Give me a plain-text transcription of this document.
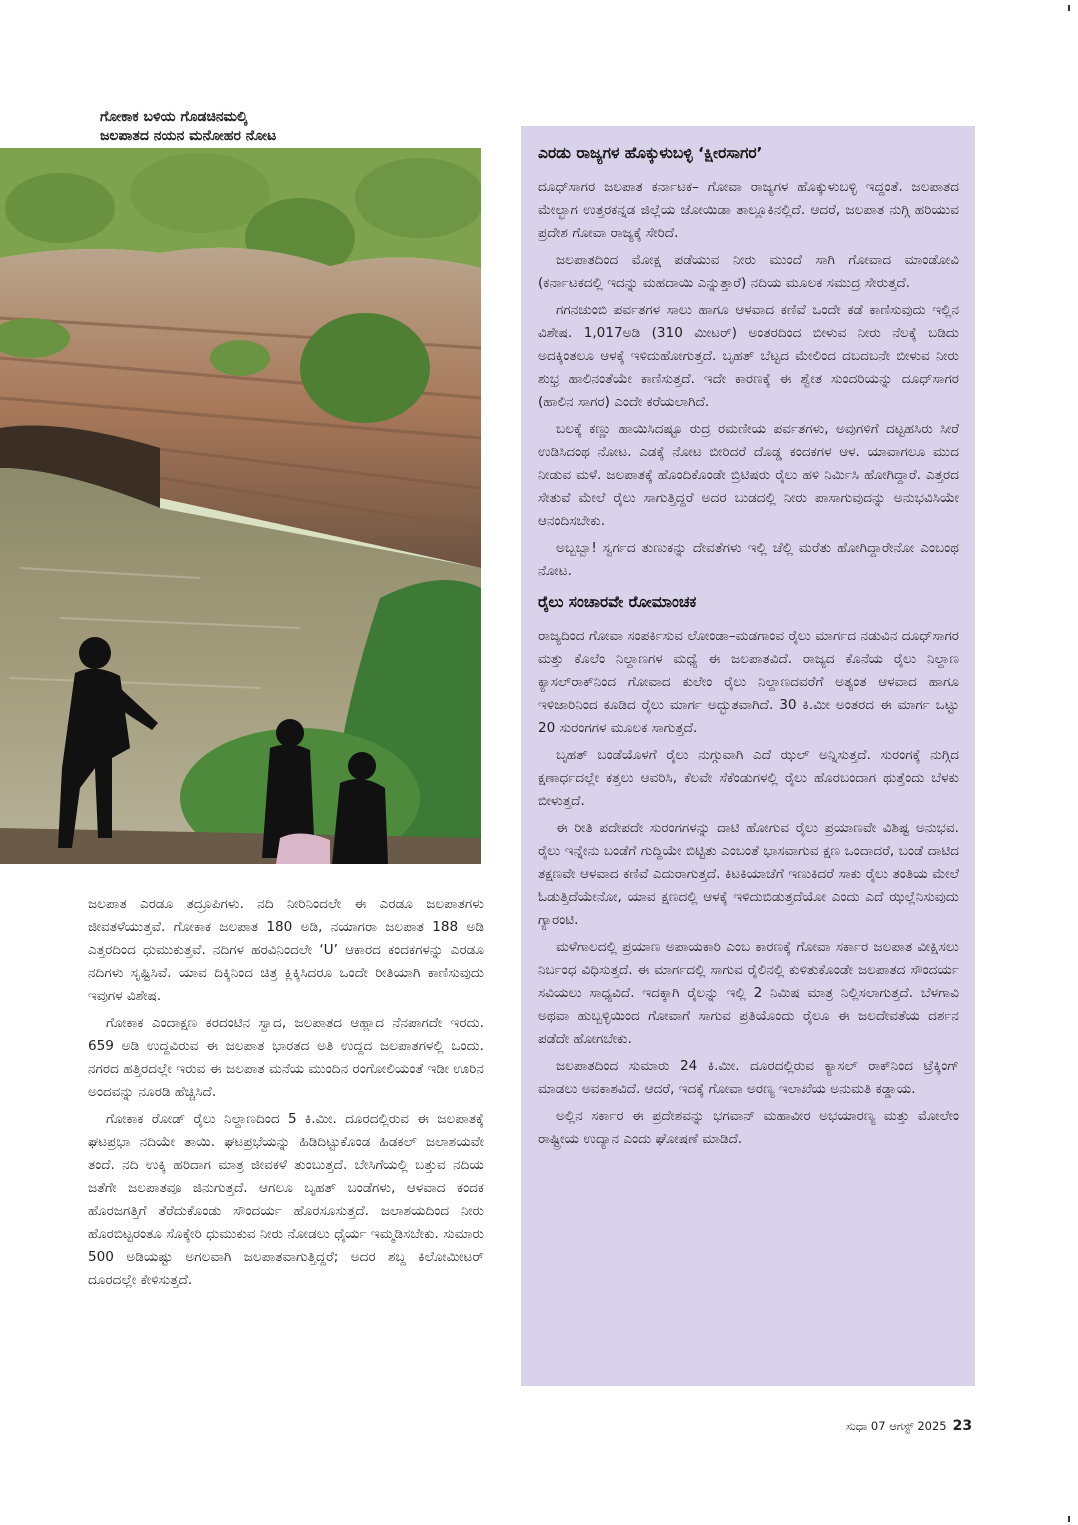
ಗೋಕಾಕ ಬಳಿಯ ಗೊಡಚಿನಮಲ್ಕಿ
ಜಲಪಾತದ ನಯನ ಮನೋಹರ ನೋಟ

ಜಲಪಾತ ಎರಡೂ ತದ್ರೂಪಿಗಳು. ನದಿ ನೀರಿನಿಂದಲೇ ಈ ಎರಡೂ ಜಲಪಾತಗಳು ಜೀವತಳೆಯುತ್ತವೆ. ಗೋಕಾಕ ಜಲಪಾತ 180 ಅಡಿ, ನಯಾಗರಾ ಜಲಪಾತ 188 ಅಡಿ ಎತ್ತರದಿಂದ ಧುಮುಕುತ್ತವೆ. ನದಿಗಳ ಹರವಿನಿಂದಲೇ ‘U’ ಆಕಾರದ ಕಂದಕಗಳನ್ನು ಎರಡೂ ನದಿಗಳು ಸೃಷ್ಟಿಸಿವೆ. ಯಾವ ದಿಕ್ಕಿನಿಂದ ಚಿತ್ರ ಕ್ಲಿಕ್ಕಿಸಿದರೂ ಒಂದೇ ರೀತಿಯಾಗಿ ಕಾಣಿಸುವುದು ಇವುಗಳ ವಿಶೇಷ.

ಗೋಕಾಕ ಎಂದಾಕ್ಷಣ ಕರದಂಟಿನ ಸ್ವಾದ, ಜಲಪಾತದ ಆಹ್ಲಾದ ನೆನಪಾಗದೇ ಇರದು. 659 ಅಡಿ ಉದ್ದವಿರುವ ಈ ಜಲಪಾತ ಭಾರತದ ಅತಿ ಉದ್ದದ ಜಲಪಾತಗಳಲ್ಲಿ ಒಂದು. ನಗರದ ಹತ್ತಿರದಲ್ಲೇ ಇರುವ ಈ ಜಲಪಾತ ಮನೆಯ ಮುಂದಿನ ರಂಗೋಲಿಯಂತೆ ಇಡೀ ಊರಿನ ಅಂದವನ್ನು ನೂರಡಿ ಹೆಚ್ಚಿಸಿದೆ.

ಗೋಕಾಕ ರೋಡ್ ರೈಲು ನಿಲ್ದಾಣದಿಂದ 5 ಕಿ.ಮೀ. ದೂರದಲ್ಲಿರುವ ಈ ಜಲಪಾತಕ್ಕೆ ಘಟಪ್ರಭಾ ನದಿಯೇ ತಾಯಿ. ಘಟಪ್ರಭೆಯನ್ನು ಹಿಡಿದಿಟ್ಟುಕೊಂಡ ಹಿಡಕಲ್ ಜಲಾಶಯವೇ ತಂದೆ. ನದಿ ಉಕ್ಕಿ ಹರಿದಾಗ ಮಾತ್ರ ಜೀವಕಳೆ ತುಂಬುತ್ತದೆ. ಬೇಸಿಗೆಯಲ್ಲಿ ಬತ್ತುವ ನದಿಯ ಜತೆಗೇ ಜಲಪಾತವೂ ಜಿನುಗುತ್ತದೆ. ಆಗಲೂ ಬೃಹತ್ ಬಂಡೆಗಳು, ಆಳವಾದ ಕಂದಕ ಹೊರಜಗತ್ತಿಗೆ ತೆರೆದುಕೊಂಡು ಸೌಂದರ್ಯ ಹೊರಸೂಸುತ್ತದೆ. ಜಲಾಶಯದಿಂದ ನೀರು ಹೊರಬಿಟ್ಟರಂತೂ ಸೊಕ್ಕೇರಿ ಧುಮುಕುವ ನೀರು ನೋಡಲು ಧೈರ್ಯ ಇಮ್ಮಡಿಸಬೇಕು. ಸುಮಾರು 500 ಅಡಿಯಷ್ಟು ಅಗಲವಾಗಿ ಜಲಪಾತವಾಗುತ್ತಿದ್ದರೆ; ಅದರ ಶಬ್ದ ಕಿಲೋಮೀಟರ್ ದೂರದಲ್ಲೇ ಕೇಳಿಸುತ್ತದೆ.

ಎರಡು ರಾಜ್ಯಗಳ ಹೊಕ್ಕುಳುಬಳ್ಳಿ ‘ಕ್ಷೀರಸಾಗರ’

ದೂಧ್‌ಸಾಗರ ಜಲಪಾತ ಕರ್ನಾಟಕ– ಗೋವಾ ರಾಜ್ಯಗಳ ಹೊಕ್ಕುಳುಬಳ್ಳಿ ಇದ್ದಂತೆ. ಜಲಪಾತದ ಮೇಲ್ಭಾಗ ಉತ್ತರಕನ್ನಡ ಜಿಲ್ಲೆಯ ಜೋಯಿಡಾ ತಾಲ್ಲೂಕಿನಲ್ಲಿದೆ. ಆದರೆ, ಜಲಪಾತ ನುಗ್ಗಿ ಹರಿಯುವ ಪ್ರದೇಶ ಗೋವಾ ರಾಜ್ಯಕ್ಕೆ ಸೇರಿದೆ.

ಜಲಪಾತದಿಂದ ಮೋಕ್ಷ ಪಡೆಯುವ ನೀರು ಮುಂದೆ ಸಾಗಿ ಗೋವಾದ ಮಾಂಡೋವಿ (ಕರ್ನಾಟಕದಲ್ಲಿ ಇದನ್ನು ಮಹದಾಯಿ ಎನ್ನುತ್ತಾರೆ) ನದಿಯ ಮೂಲಕ ಸಮುದ್ರ ಸೇರುತ್ತದೆ.

ಗಗನಚುಂಬಿ ಪರ್ವತಗಳ ಸಾಲು ಹಾಗೂ ಆಳವಾದ ಕಣಿವೆ ಒಂದೇ ಕಡೆ ಕಾಣಿಸುವುದು ಇಲ್ಲಿನ ವಿಶೇಷ. 1,017ಅಡಿ (310 ಮೀಟರ್) ಅಂತರದಿಂದ ಬೀಳುವ ನೀರು ನೆಲಕ್ಕೆ ಬಡಿದು ಅದಕ್ಕಿಂತಲೂ ಆಳಕ್ಕೆ ಇಳಿದುಹೋಗುತ್ತದೆ. ಬೃಹತ್ ಬೆಟ್ಟದ ಮೇಲಿಂದ ದಬದಬನೇ ಬೀಳುವ ನೀರು ಶುಭ್ರ ಹಾಲಿನಂತೆಯೇ ಕಾಣಿಸುತ್ತದೆ. ಇದೇ ಕಾರಣಕ್ಕೆ ಈ ಶ್ವೇತ ಸುಂದರಿಯನ್ನು ದೂಧ್‌ಸಾಗರ (ಹಾಲಿನ ಸಾಗರ) ಎಂದೇ ಕರೆಯಲಾಗಿದೆ.

ಬಲಕ್ಕೆ ಕಣ್ಣು ಹಾಯಿಸಿದಷ್ಟೂ ರುದ್ರ ರಮಣೀಯ ಪರ್ವತಗಳು, ಅವುಗಳಿಗೆ ದಟ್ಟಹಸಿರು ಸೀರೆ ಉಡಿಸಿದಂಥ ನೋಟ. ಎಡಕ್ಕೆ ನೋಟ ಬೀರಿದರೆ ದೊಡ್ಡ ಕಂದಕಗಳ ಆಳ. ಯಾವಾಗಲೂ ಮುದ ನೀಡುವ ಮಳೆ. ಜಲಪಾತಕ್ಕೆ ಹೊಂದಿಕೊಂಡೇ ಬ್ರಿಟಿಷರು ರೈಲು ಹಳಿ ನಿರ್ಮಿಸಿ ಹೋಗಿದ್ದಾರೆ. ಎತ್ತರದ ಸೇತುವೆ ಮೇಲೆ ರೈಲು ಸಾಗುತ್ತಿದ್ದರೆ ಅದರ ಬುಡದಲ್ಲಿ ನೀರು ಪಾಸಾಗುವುದನ್ನು ಅನುಭವಿಸಿಯೇ ಆನಂದಿಸಬೇಕು.

ಅಬ್ಬಬ್ಬಾ! ಸ್ವರ್ಗದ ತುಣುಕನ್ನು ದೇವತೆಗಳು ಇಲ್ಲಿ ಚೆಲ್ಲಿ ಮರೆತು ಹೋಗಿದ್ದಾರೇನೋ ಎಂಬಂಥ ನೋಟ.

ರೈಲು ಸಂಚಾರವೇ ರೋಮಾಂಚಕ

ರಾಜ್ಯದಿಂದ ಗೋವಾ ಸಂಪರ್ಕಿಸುವ ಲೋಂಡಾ–ಮಡಗಾಂವ ರೈಲು ಮಾರ್ಗದ ನಡುವಿನ ದೂಧ್‌ಸಾಗರ ಮತ್ತು ಕೊಲೆಂ ನಿಲ್ದಾಣಗಳ ಮಧ್ಯೆ ಈ ಜಲಪಾತವಿದೆ. ರಾಜ್ಯದ ಕೊನೆಯ ರೈಲು ನಿಲ್ದಾಣ ಕ್ಯಾಸಲ್‌ರಾಕ್‌ನಿಂದ ಗೋವಾದ ಕುಲೇಂ ರೈಲು ನಿಲ್ದಾಣದವರೆಗೆ ಅತ್ಯಂತ ಆಳವಾದ ಹಾಗೂ ಇಳಿಜಾರಿನಿಂದ ಕೂಡಿದ ರೈಲು ಮಾರ್ಗ ಅದ್ಭುತವಾಗಿದೆ. 30 ಕಿ.ಮೀ ಅಂತರದ ಈ ಮಾರ್ಗ ಒಟ್ಟು 20 ಸುರಂಗಗಳ ಮೂಲಕ ಸಾಗುತ್ತದೆ.

ಬೃಹತ್ ಬಂಡೆಯೊಳಗೆ ರೈಲು ನುಗ್ಗುವಾಗಿ ಎದೆ ಝಲ್ ಅನ್ನಿಸುತ್ತದೆ. ಸುರಂಗಕ್ಕೆ ನುಗ್ಗಿದ ಕ್ಷಣಾರ್ಧದಲ್ಲೇ ಕತ್ತಲು ಆವರಿಸಿ, ಕೆಲವೇ ಸೆಕೆಂಡುಗಳಲ್ಲಿ ರೈಲು ಹೊರಬಂದಾಗ ಥುತ್ತೆಂದು ಬೆಳಕು ಬೀಳುತ್ತದೆ.

ಈ ರೀತಿ ಪದೇಪದೇ ಸುರಂಗಗಳನ್ನು ದಾಟಿ ಹೋಗುವ ರೈಲು ಪ್ರಯಾಣವೇ ವಿಶಿಷ್ಟ ಅನುಭವ. ರೈಲು ಇನ್ನೇನು ಬಂಡೆಗೆ ಗುದ್ದಿಯೇ ಬಿಟ್ಟಿತು ಎಂಬಂತೆ ಭಾಸವಾಗುವ ಕ್ಷಣ ಒಂದಾದರೆ, ಬಂಡೆ ದಾಟಿದ ತಕ್ಷಣವೇ ಆಳವಾದ ಕಣಿವೆ ಎದುರಾಗುತ್ತದೆ. ಕಿಟಕಿಯಾಚೆಗೆ ಇಣುಕಿದರೆ ಸಾಕು ರೈಲು ತಂತಿಯ ಮೇಲೆ ಓಡುತ್ತಿದೆಯೇನೋ, ಯಾವ ಕ್ಷಣದಲ್ಲಿ ಆಳಕ್ಕೆ ಇಳಿದುಬಿಡುತ್ತದೆಯೋ ಎಂದು ಎದೆ ಝಲ್ಲೆನಿಸುವುದು ಗ್ಯಾರಂಟಿ.

ಮಳೆಗಾಲದಲ್ಲಿ ಪ್ರಯಾಣ ಅಪಾಯಕಾರಿ ಎಂಬ ಕಾರಣಕ್ಕೆ ಗೋವಾ ಸರ್ಕಾರ ಜಲಪಾತ ವೀಕ್ಷಿಸಲು ನಿರ್ಬಂಧ ವಿಧಿಸುತ್ತದೆ. ಈ ಮಾರ್ಗದಲ್ಲಿ ಸಾಗುವ ರೈಲಿನಲ್ಲಿ ಕುಳಿತುಕೊಂಡೇ ಜಲಪಾತದ ಸೌಂದರ್ಯ ಸವಿಯಲು ಸಾಧ್ಯವಿದೆ. ಇದಕ್ಕಾಗಿ ರೈಲನ್ನು ಇಲ್ಲಿ 2 ನಿಮಿಷ ಮಾತ್ರ ನಿಲ್ಲಿಸಲಾಗುತ್ತದೆ. ಬೆಳಗಾವಿ ಅಥವಾ ಹುಬ್ಬಳ್ಳಿಯಿಂದ ಗೋವಾಗೆ ಸಾಗುವ ಪ್ರತಿಯೊಂದು ರೈಲೂ ಈ ಜಲದೇವತೆಯ ದರ್ಶನ ಪಡೆದೇ ಹೋಗಬೇಕು.

ಜಲಪಾತದಿಂದ ಸುಮಾರು 24 ಕಿ.ಮೀ. ದೂರದಲ್ಲಿರುವ ಕ್ಯಾಸಲ್ ರಾಕ್‌ನಿಂದ ಟ್ರೆಕ್ಕಿಂಗ್ ಮಾಡಲು ಅವಕಾಶವಿದೆ. ಆದರೆ, ಇದಕ್ಕೆ ಗೋವಾ ಅರಣ್ಯ ಇಲಾಖೆಯ ಅನುಮತಿ ಕಡ್ಡಾಯ.

ಅಲ್ಲಿನ ಸರ್ಕಾರ ಈ ಪ್ರದೇಶವನ್ನು ಭಗವಾನ್ ಮಹಾವೀರ ಅಭಯಾರಣ್ಯ ಮತ್ತು ಮೋಲೇಂ ರಾಷ್ಟ್ರೀಯ ಉದ್ಯಾನ ಎಂದು ಘೋಷಣೆ ಮಾಡಿದೆ.

ಸುಧಾ 07 ಆಗಸ್ಟ್ 2025 23
